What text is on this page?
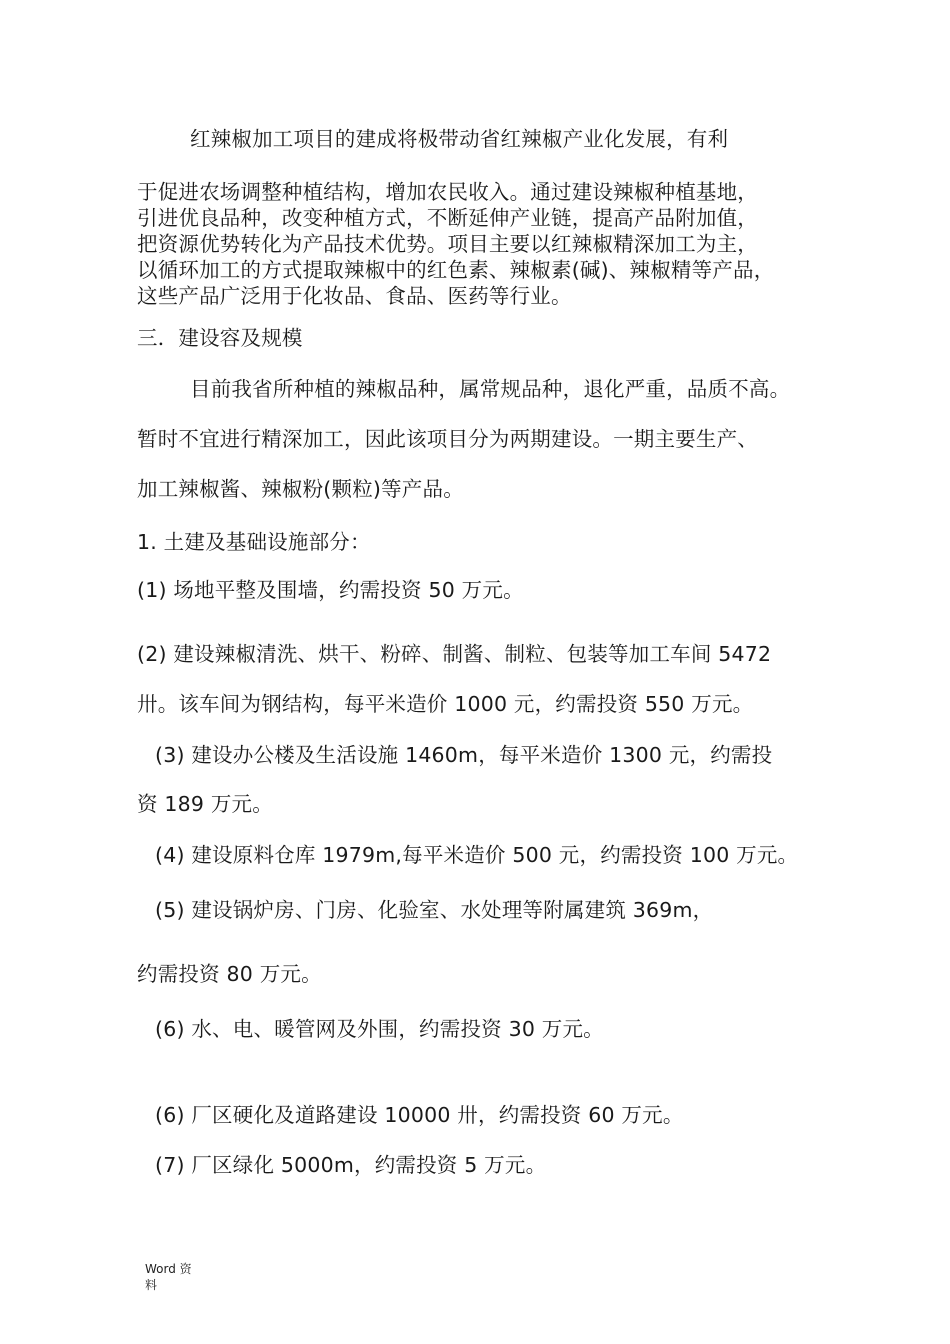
红辣椒加工项目的建成将极带动省红辣椒产业化发展，有利
于促进农场调整种植结构，增加农民收入。通过建设辣椒种植基地，
引进优良品种，改变种植方式，不断延伸产业链，提高产品附加值，
把资源优势转化为产品技术优势。项目主要以红辣椒精深加工为主，
以循环加工的方式提取辣椒中的红色素、辣椒素(碱)、辣椒精等产品，
这些产品广泛用于化妆品、食品、医药等行业。
三．建设容及规模
目前我省所种植的辣椒品种，属常规品种，退化严重，品质不高。
暂时不宜进行精深加工，因此该项目分为两期建设。一期主要生产、
加工辣椒酱、辣椒粉(颗粒)等产品。
1. 土建及基础设施部分：
(1) 场地平整及围墙，约需投资 50 万元。
(2) 建设辣椒清洗、烘干、粉碎、制酱、制粒、包装等加工车间 5472
卅。该车间为钢结构，每平米造价 1000 元，约需投资 550 万元。
(3) 建设办公楼及生活设施 1460m，每平米造价 1300 元，约需投
资 189 万元。
(4) 建设原料仓库 1979m,每平米造价 500 元，约需投资 100 万元。
(5) 建设锅炉房、门房、化验室、水处理等附属建筑 369m，
约需投资 80 万元。
(6) 水、电、暖管网及外围，约需投资 30 万元。
(6) 厂区硬化及道路建设 10000 卅，约需投资 60 万元。
(7) 厂区绿化 5000m，约需投资 5 万元。
Word 资
料
